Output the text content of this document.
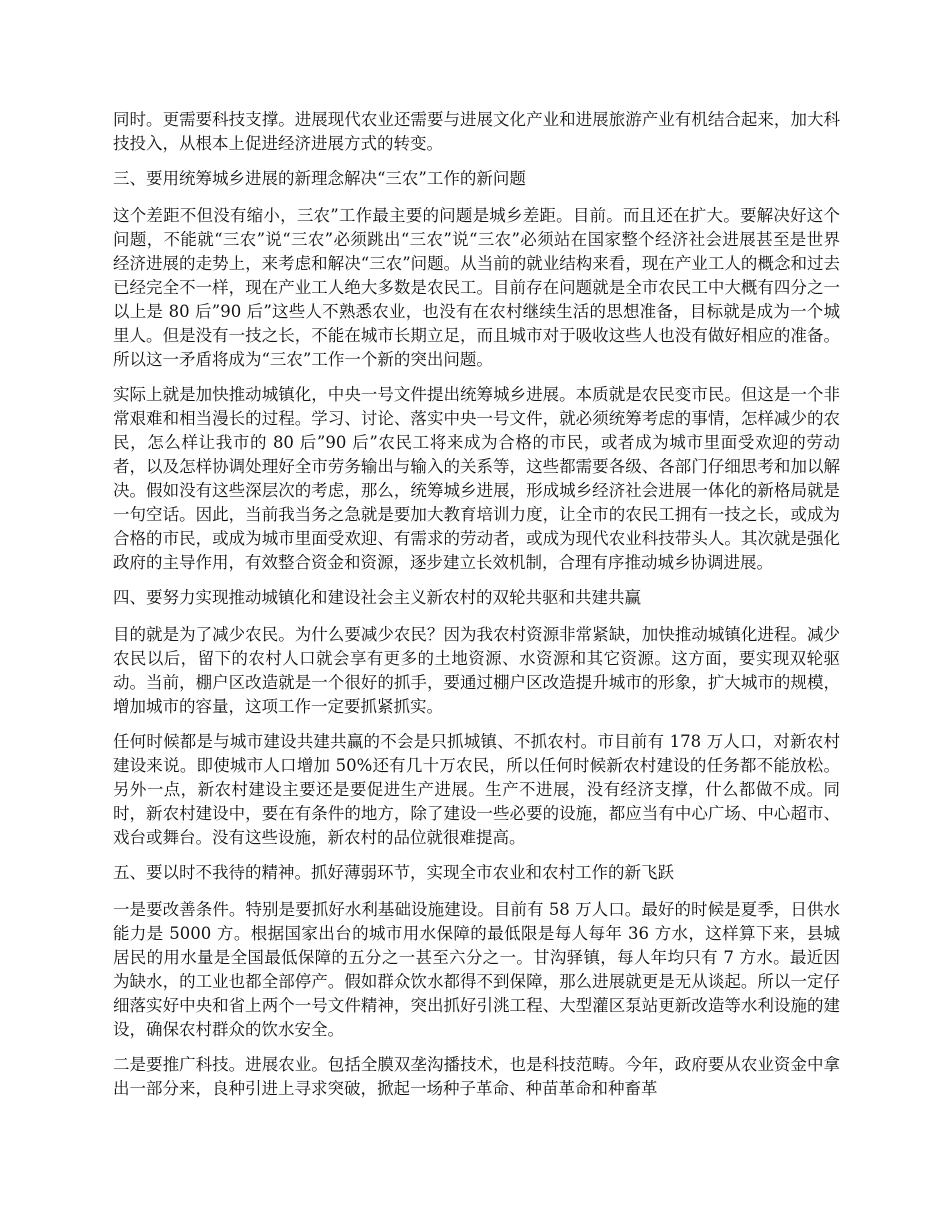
同时。更需要科技支撑。进展现代农业还需要与进展文化产业和进展旅游产业有机结合起来，加大科技投入，从根本上促进经济进展方式的转变。

三、要用统筹城乡进展的新理念解决“三农”工作的新问题

这个差距不但没有缩小，三农”工作最主要的问题是城乡差距。目前。而且还在扩大。要解决好这个问题，不能就“三农”说“三农”必须跳出“三农”说“三农”必须站在国家整个经济社会进展甚至是世界经济进展的走势上，来考虑和解决“三农”问题。从当前的就业结构来看，现在产业工人的概念和过去已经完全不一样，现在产业工人绝大多数是农民工。目前存在问题就是全市农民工中大概有四分之一以上是 80 后”90 后”这些人不熟悉农业，也没有在农村继续生活的思想准备，目标就是成为一个城里人。但是没有一技之长，不能在城市长期立足，而且城市对于吸收这些人也没有做好相应的准备。所以这一矛盾将成为“三农”工作一个新的突出问题。

实际上就是加快推动城镇化，中央一号文件提出统筹城乡进展。本质就是农民变市民。但这是一个非常艰难和相当漫长的过程。学习、讨论、落实中央一号文件，就必须统筹考虑的事情，怎样减少的农民，怎么样让我市的 80 后”90 后”农民工将来成为合格的市民，或者成为城市里面受欢迎的劳动者，以及怎样协调处理好全市劳务输出与输入的关系等，这些都需要各级、各部门仔细思考和加以解决。假如没有这些深层次的考虑，那么，统筹城乡进展，形成城乡经济社会进展一体化的新格局就是一句空话。因此，当前我当务之急就是要加大教育培训力度，让全市的农民工拥有一技之长，或成为合格的市民，或成为城市里面受欢迎、有需求的劳动者，或成为现代农业科技带头人。其次就是强化政府的主导作用，有效整合资金和资源，逐步建立长效机制，合理有序推动城乡协调进展。

四、要努力实现推动城镇化和建设社会主义新农村的双轮共驱和共建共赢

目的就是为了减少农民。为什么要减少农民？因为我农村资源非常紧缺，加快推动城镇化进程。减少农民以后，留下的农村人口就会享有更多的土地资源、水资源和其它资源。这方面，要实现双轮驱动。当前，棚户区改造就是一个很好的抓手，要通过棚户区改造提升城市的形象，扩大城市的规模，增加城市的容量，这项工作一定要抓紧抓实。

任何时候都是与城市建设共建共赢的不会是只抓城镇、不抓农村。市目前有 178 万人口，对新农村建设来说。即使城市人口增加 50%还有几十万农民，所以任何时候新农村建设的任务都不能放松。另外一点，新农村建设主要还是要促进生产进展。生产不进展，没有经济支撑，什么都做不成。同时，新农村建设中，要在有条件的地方，除了建设一些必要的设施，都应当有中心广场、中心超市、戏台或舞台。没有这些设施，新农村的品位就很难提高。

五、要以时不我待的精神。抓好薄弱环节，实现全市农业和农村工作的新飞跃

一是要改善条件。特别是要抓好水利基础设施建设。目前有 58 万人口。最好的时候是夏季，日供水能力是 5000 方。根据国家出台的城市用水保障的最低限是每人每年 36 方水，这样算下来，县城居民的用水量是全国最低保障的五分之一甚至六分之一。甘沟驿镇，每人年均只有 7 方水。最近因为缺水，的工业也都全部停产。假如群众饮水都得不到保障，那么进展就更是无从谈起。所以一定仔细落实好中央和省上两个一号文件精神，突出抓好引洮工程、大型灌区泵站更新改造等水利设施的建设，确保农村群众的饮水安全。

二是要推广科技。进展农业。包括全膜双垄沟播技术，也是科技范畴。今年，政府要从农业资金中拿出一部分来，良种引进上寻求突破，掀起一场种子革命、种苗革命和种畜革
